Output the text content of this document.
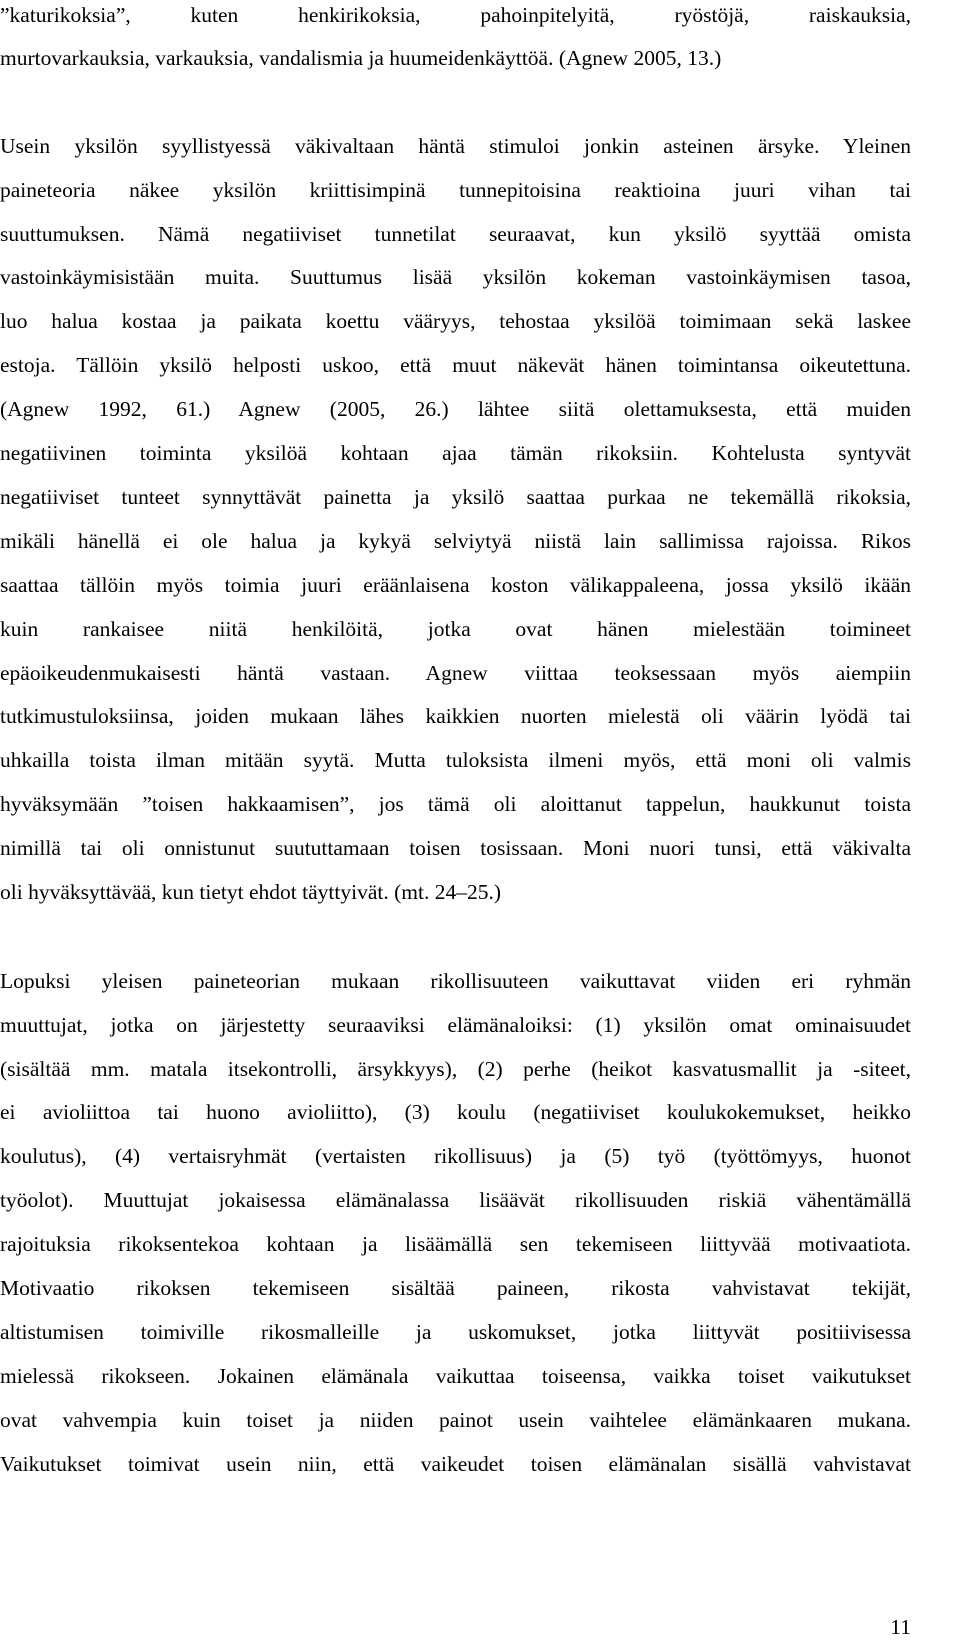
”katurikoksia”, kuten henkirikoksia, pahoinpitelyitä, ryöstöjä, raiskauksia,
murtovarkauksia, varkauksia, vandalismia ja huumeidenkäyttöä. (Agnew 2005, 13.)
Usein yksilön syyllistyessä väkivaltaan häntä stimuloi jonkin asteinen ärsyke. Yleinen
paineteoria näkee yksilön kriittisimpinä tunnepitoisina reaktioina juuri vihan tai
suuttumuksen. Nämä negatiiviset tunnetilat seuraavat, kun yksilö syyttää omista
vastoinkäymisistään muita. Suuttumus lisää yksilön kokeman vastoinkäymisen tasoa,
luo halua kostaa ja paikata koettu vääryys, tehostaa yksilöä toimimaan sekä laskee
estoja. Tällöin yksilö helposti uskoo, että muut näkevät hänen toimintansa oikeutettuna.
(Agnew 1992, 61.) Agnew (2005, 26.) lähtee siitä olettamuksesta, että muiden
negatiivinen toiminta yksilöä kohtaan ajaa tämän rikoksiin. Kohtelusta syntyvät
negatiiviset tunteet synnyttävät painetta ja yksilö saattaa purkaa ne tekemällä rikoksia,
mikäli hänellä ei ole halua ja kykyä selviytyä niistä lain sallimissa rajoissa. Rikos
saattaa tällöin myös toimia juuri eräänlaisena koston välikappaleena, jossa yksilö ikään
kuin rankaisee niitä henkilöitä, jotka ovat hänen mielestään toimineet
epäoikeudenmukaisesti häntä vastaan. Agnew viittaa teoksessaan myös aiempiin
tutkimustuloksiinsa, joiden mukaan lähes kaikkien nuorten mielestä oli väärin lyödä tai
uhkailla toista ilman mitään syytä. Mutta tuloksista ilmeni myös, että moni oli valmis
hyväksymään ”toisen hakkaamisen”, jos tämä oli aloittanut tappelun, haukkunut toista
nimillä tai oli onnistunut suututtamaan toisen tosissaan. Moni nuori tunsi, että väkivalta
oli hyväksyttävää, kun tietyt ehdot täyttyivät. (mt. 24–25.)
Lopuksi yleisen paineteorian mukaan rikollisuuteen vaikuttavat viiden eri ryhmän
muuttujat, jotka on järjestetty seuraaviksi elämänaloiksi: (1) yksilön omat ominaisuudet
(sisältää mm. matala itsekontrolli, ärsykkyys), (2) perhe (heikot kasvatusmallit ja -siteet,
ei avioliittoa tai huono avioliitto), (3) koulu (negatiiviset koulukokemukset, heikko
koulutus), (4) vertaisryhmät (vertaisten rikollisuus) ja (5) työ (työttömyys, huonot
työolot). Muuttujat jokaisessa elämänalassa lisäävät rikollisuuden riskiä vähentämällä
rajoituksia rikoksentekoa kohtaan ja lisäämällä sen tekemiseen liittyvää motivaatiota.
Motivaatio rikoksen tekemiseen sisältää paineen, rikosta vahvistavat tekijät,
altistumisen toimiville rikosmalleille ja uskomukset, jotka liittyvät positiivisessa
mielessä rikokseen. Jokainen elämänala vaikuttaa toiseensa, vaikka toiset vaikutukset
ovat vahvempia kuin toiset ja niiden painot usein vaihtelee elämänkaaren mukana.
Vaikutukset toimivat usein niin, että vaikeudet toisen elämänalan sisällä vahvistavat
11
